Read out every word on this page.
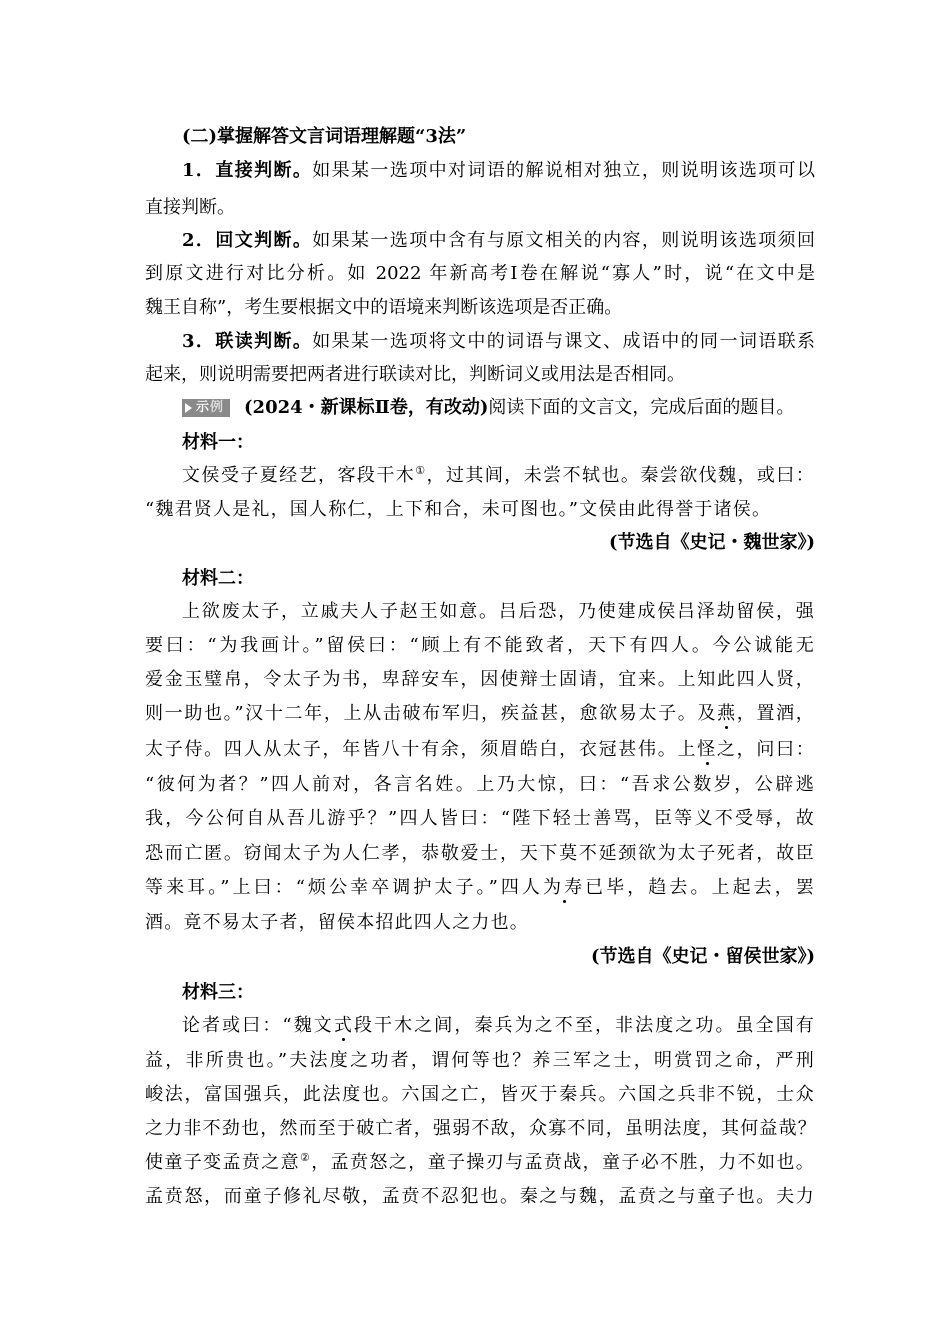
(二)掌握解答文言词语理解题“3法”
1．直接判断。如果某一选项中对词语的解说相对独立，则说明该选项可以
直接判断。
2．回文判断。如果某一选项中含有与原文相关的内容，则说明该选项须回
到原文进行对比分析。如 2022 年新高考Ⅰ卷在解说“寡人”时，说“在文中是
魏王自称”，考生要根据文中的语境来判断该选项是否正确。
3．联读判断。如果某一选项将文中的词语与课文、成语中的同一词语联系
起来，则说明需要把两者进行联读对比，判断词义或用法是否相同。
示例 (2024・新课标Ⅱ卷，有改动)阅读下面的文言文，完成后面的题目。
材料一：
文侯受子夏经艺，客段干木①，过其闾，未尝不轼也。秦尝欲伐魏，或曰：
“魏君贤人是礼，国人称仁，上下和合，未可图也。”文侯由此得誉于诸侯。
(节选自《史记・魏世家》)
材料二：
上欲废太子，立戚夫人子赵王如意。吕后恐，乃使建成侯吕泽劫留侯，强
要曰：“为我画计。”留侯曰：“顾上有不能致者，天下有四人。今公诚能无
爱金玉璧帛，令太子为书，卑辞安车，因使辩士固请，宜来。上知此四人贤，
则一助也。”汉十二年，上从击破布军归，疾益甚，愈欲易太子。及燕，置酒，
太子侍。四人从太子，年皆八十有余，须眉皓白，衣冠甚伟。上怪之，问曰：
“彼何为者？”四人前对，各言名姓。上乃大惊，曰：“吾求公数岁，公辟逃
我，今公何自从吾儿游乎？”四人皆曰：“陛下轻士善骂，臣等义不受辱，故
恐而亡匿。窃闻太子为人仁孝，恭敬爱士，天下莫不延颈欲为太子死者，故臣
等来耳。”上曰：“烦公幸卒调护太子。”四人为寿已毕，趋去。上起去，罢
酒。竟不易太子者，留侯本招此四人之力也。
(节选自《史记・留侯世家》)
材料三：
论者或曰：“魏文式段干木之闾，秦兵为之不至，非法度之功。虽全国有
益，非所贵也。”夫法度之功者，谓何等也？养三军之士，明赏罚之命，严刑
峻法，富国强兵，此法度也。六国之亡，皆灭于秦兵。六国之兵非不锐，士众
之力非不劲也，然而至于破亡者，强弱不敌，众寡不同，虽明法度，其何益哉？
使童子变孟贲之意②，孟贲怒之，童子操刃与孟贲战，童子必不胜，力不如也。
孟贲怒，而童子修礼尽敬，孟贲不忍犯也。秦之与魏，孟贲之与童子也。夫力
